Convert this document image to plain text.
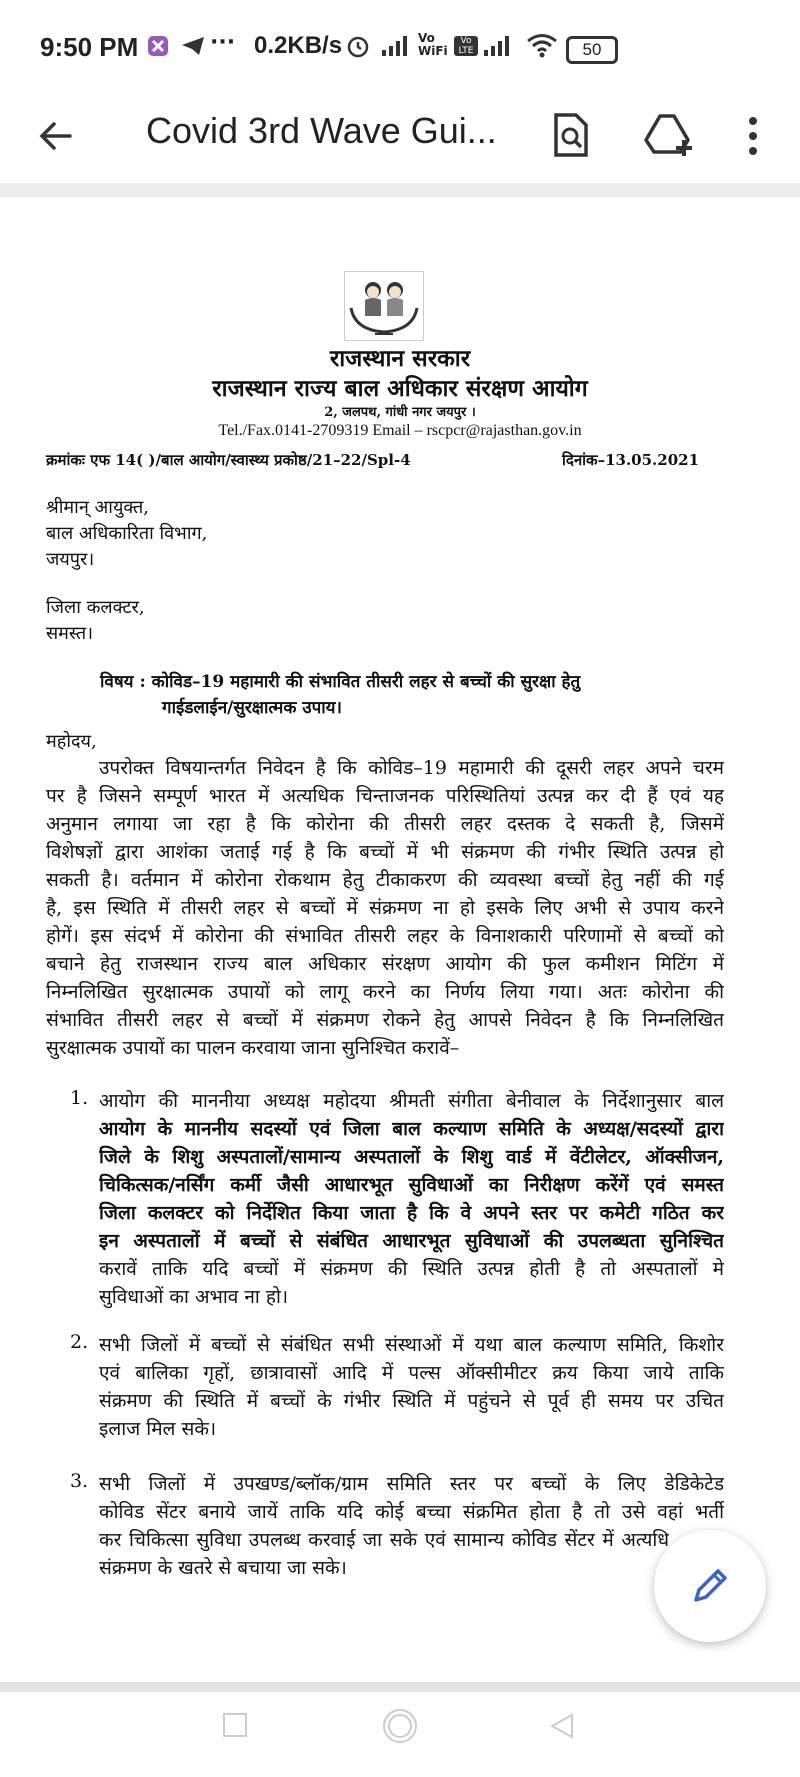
9:50 PM	··· 0.2KB/s	Vo
WiFi
Vo
LTE	50
Covid 3rd Wave Gui...
राजस्थान सरकार
राजस्थान राज्य बाल अधिकार संरक्षण आयोग
2, जलपथ, गांधी नगर जयपुर ।
Tel./Fax.0141-2709319 Email – rscpcr@rajasthan.gov.in
क्रमांकः एफ 14( )/बाल आयोग/स्वास्थ्य प्रकोष्ठ/21–22/Spl-4	दिनांक–13.05.2021
श्रीमान् आयुक्त,
बाल अधिकारिता विभाग,
जयपुर।
जिला कलक्टर,
समस्त।
विषय : कोविड–19 महामारी की संभावित तीसरी लहर से बच्चों की सुरक्षा हेतु
गाईडलाईन/सुरक्षात्मक उपाय।
महोदय,
उपरोक्त विषयान्तर्गत निवेदन है कि कोविड–19 महामारी की दूसरी लहर अपने चरम
पर है जिसने सम्पूर्ण भारत में अत्यधिक चिन्ताजनक परिस्थितियां उत्पन्न कर दी हैं एवं यह
अनुमान लगाया जा रहा है कि कोरोना की तीसरी लहर दस्तक दे सकती है, जिसमें
विशेषज्ञों द्वारा आशंका जताई गई है कि बच्चों में भी संक्रमण की गंभीर स्थिति उत्पन्न हो
सकती है। वर्तमान में कोरोना रोकथाम हेतु टीकाकरण की व्यवस्था बच्चों हेतु नहीं की गई
है, इस स्थिति में तीसरी लहर से बच्चों में संक्रमण ना हो इसके लिए अभी से उपाय करने
होगें। इस संदर्भ में कोरोना की संभावित तीसरी लहर के विनाशकारी परिणामों से बच्चों को
बचाने हेतु राजस्थान राज्य बाल अधिकार संरक्षण आयोग की फुल कमीशन मिटिंग में
निम्नलिखित सुरक्षात्मक उपायों को लागू करने का निर्णय लिया गया। अतः कोरोना की
संभावित तीसरी लहर से बच्चों में संक्रमण रोकने हेतु आपसे निवेदन है कि निम्नलिखित
सुरक्षात्मक उपायों का पालन करवाया जाना सुनिश्चित करावें–
1. आयोग की माननीया अध्यक्ष महोदया श्रीमती संगीता बेनीवाल के निर्देशानुसार बाल
आयोग के माननीय सदस्यों एवं जिला बाल कल्याण समिति के अध्यक्ष/सदस्यों द्वारा
जिले के शिशु अस्पतालों/सामान्य अस्पतालों के शिशु वार्ड में वेंटीलेटर, ऑक्सीजन,
चिकित्सक/नर्सिंग कर्मी जैसी आधारभूत सुविधाओं का निरीक्षण करेंगें एवं समस्त
जिला कलक्टर को निर्देशित किया जाता है कि वे अपने स्तर पर कमेटी गठित कर
इन अस्पतालों में बच्चों से संबंधित आधारभूत सुविधाओं की उपलब्धता सुनिश्चित
करावें ताकि यदि बच्चों में संक्रमण की स्थिति उत्पन्न होती है तो अस्पतालों मे
सुविधाओं का अभाव ना हो।
2. सभी जिलों में बच्चों से संबंधित सभी संस्थाओं में यथा बाल कल्याण समिति, किशोर
एवं बालिका गृहों, छात्रावासों आदि में पल्स ऑक्सीमीटर क्रय किया जाये ताकि
संक्रमण की स्थिति में बच्चों के गंभीर स्थिति में पहुंचने से पूर्व ही समय पर उचित
इलाज मिल सके।
3. सभी जिलों में उपखण्ड/ब्लॉक/ग्राम समिति स्तर पर बच्चों के लिए डेडिकेटेड
कोविड सेंटर बनाये जायें ताकि यदि कोई बच्चा संक्रमित होता है तो उसे वहां भर्ती
कर चिकित्सा सुविधा उपलब्ध करवाई जा सके एवं सामान्य कोविड सेंटर में अत्यधि
संक्रमण के खतरे से बचाया जा सके।
